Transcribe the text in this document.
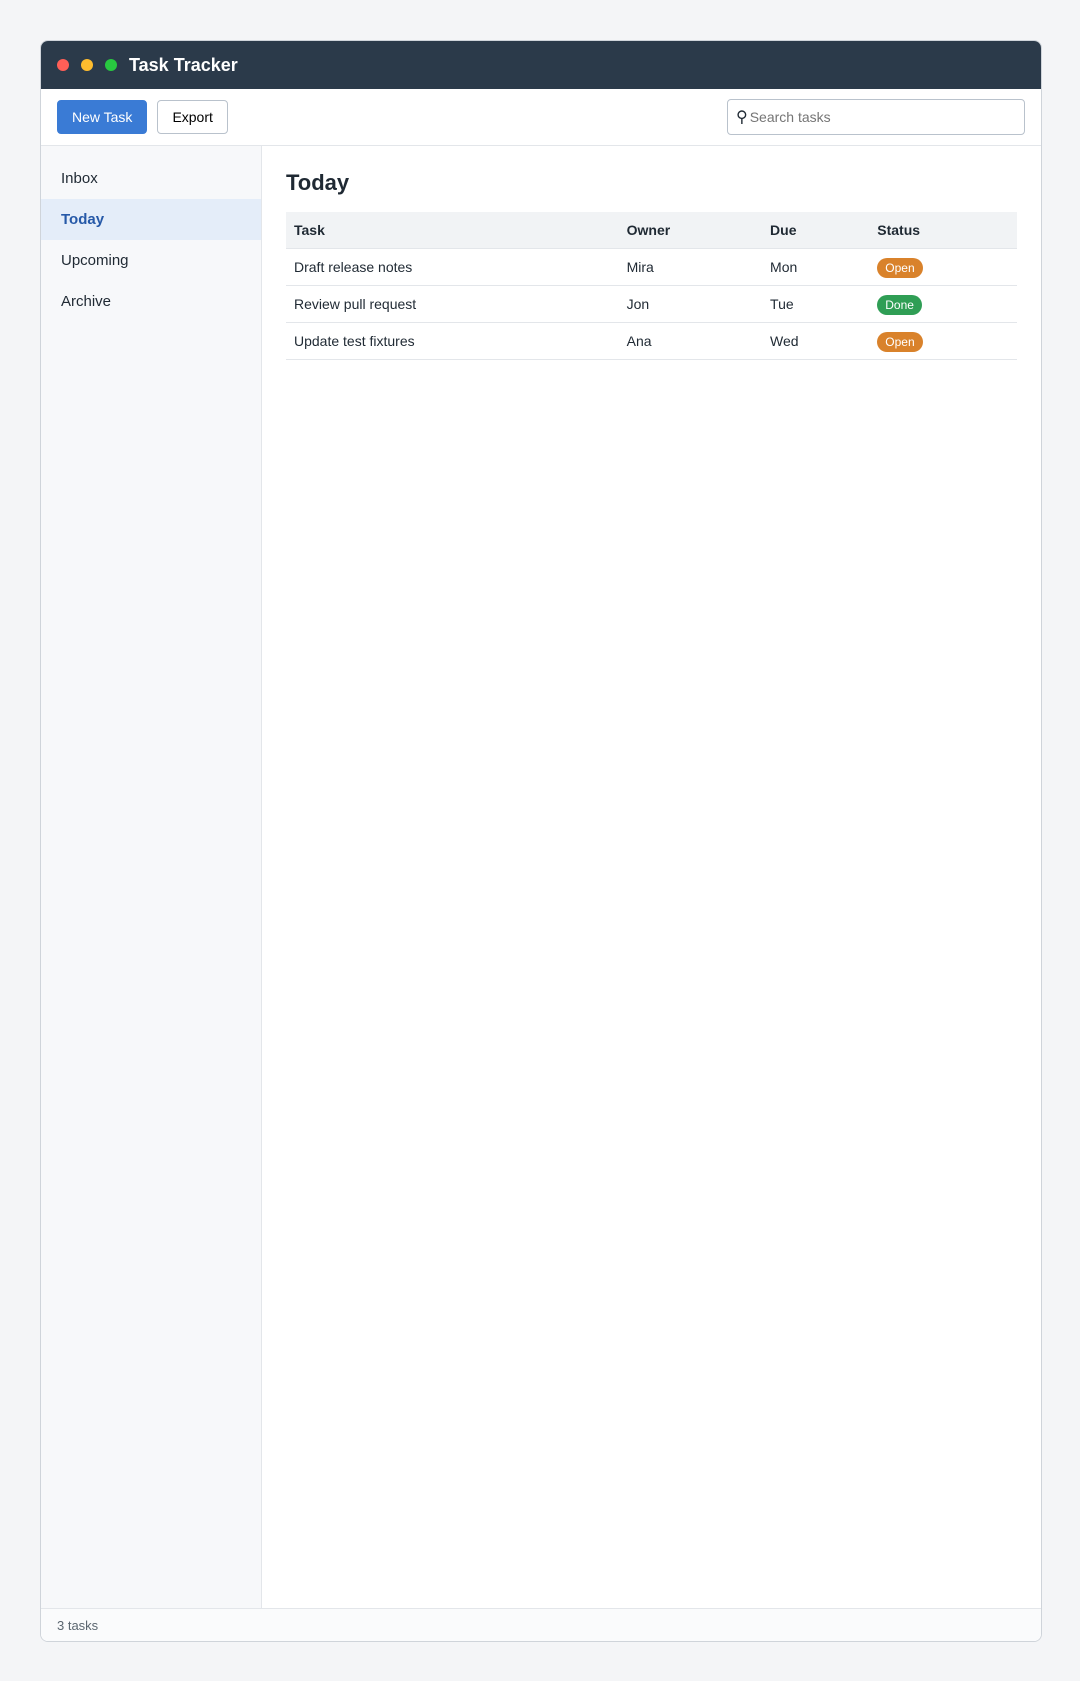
Task Tracker
New Task	Export	⚲
Search tasks
Inbox
Today
Upcoming
Archive
Today
Task	Owner	Due	Status
Draft release notes	Mira	Mon	Open
Review pull request	Jon	Tue	Done
Update test fixtures	Ana	Wed	Open
3 tasks
